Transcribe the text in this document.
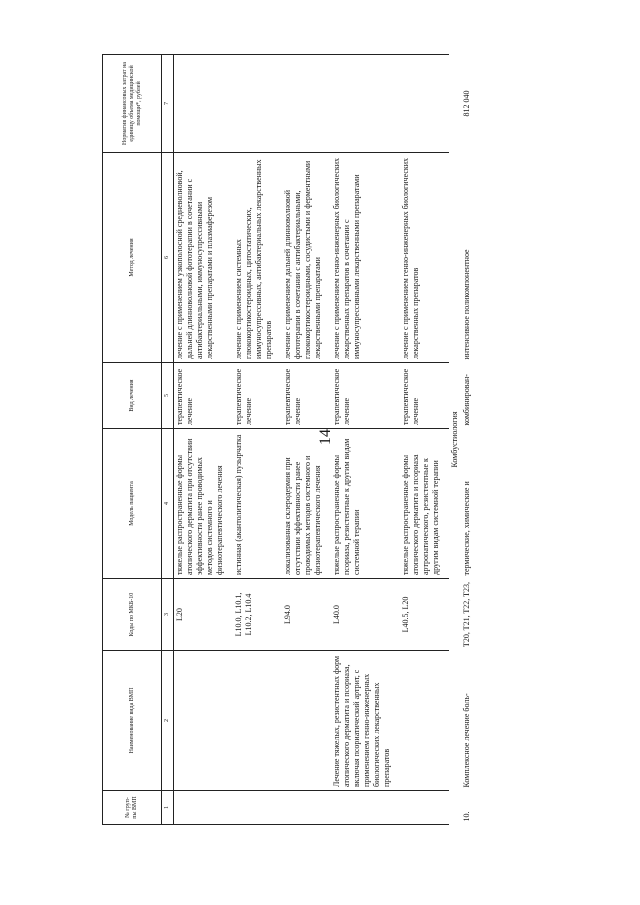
14
№ груп- пы ВМП	Наименование вида ВМП	Коды по МКБ-10	Модель пациента	Вид лечения	Метод лечения	Норматив финансовых затрат на единицу объема медицинской помощи*, рублей
1	2	3	4	5	6	7
		L20	тяжелые распространенные формы атопического дерматита при отсутствии эффективности ранее проводимых методов системного и физиотерапевтического лечения	терапевтическое лечение	лечение с применением узкополосной средневолновой, дальней длинноволновой фототерапии в сочетании с антибактериальными, иммуносупрессивными лекарственными препаратами и плазмаферезом	
		L10.0, L10.1, L10.2, L10.4	истинная (акантолитическая) пузырчатка	терапевтическое лечение	лечение с применением системных глюкокортикостероидных, цитостатических, иммуносупрессивных, антибактериальных лекарственных препаратов	
		L94.0	локализованная склеродермия при отсутствии эффективности ранее проводимых методов системного и физиотерапевтического лечения	терапевтическое лечение	лечение с применением дальней длинноволновой фототерапии в сочетании с антибактериальными, глюкокортикостероидными, сосудистыми и ферментными лекарственными препаратами	
	Лечение тяжелых, резистентных форм атопического дерматита и псориаза, включая псориатический артрит, с применением генно-инженерных биологических лекарственных препаратов	L40.0	тяжелые распространенные формы псориаза, резистентные к другим видам системной терапии	терапевтическое лечение	лечение с применением генно-инженерных биологических лекарственных препаратов в сочетании с иммуносупрессивными лекарственными препаратами	
		L40.5, L20	тяжелые распространенные формы атопического дерматита и псориаза артропатического, резистентные к другим видам системной терапии	терапевтическое лечение	лечение с применением генно-инженерных биологических лекарственных препаратов	
Комбустиология						
10.	Комплексное лечение боль-	T20, T21, T22, T23,	термические, химические и	комбинирован-	интенсивное поликомпонентное	812 040
